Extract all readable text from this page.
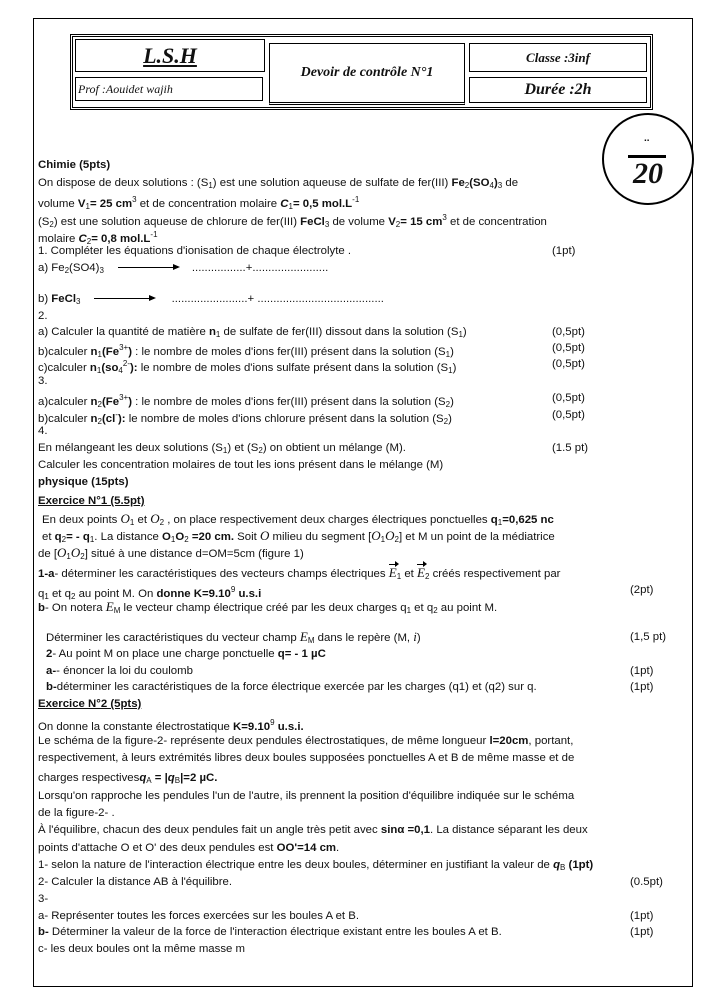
L.S.H
Prof :Aouidet wajih
Devoir de contrôle N°1
Classe :3inf
Durée :2h
..
20
Chimie (5pts)
On dispose de deux solutions : $(S_1)$ est une solution aqueuse de sulfate de fer(III) $Fe_2(SO_4)_3$ de
volume $V_1= 25$ $cm^3$ et de concentration molaire $C_1= 0,5$ $mol.L^{-1}$
$(S_2)$ est une solution aqueuse de chlorure de fer(III) FeCl$_3$ de volume $V_2= 15$ $cm^3$ et de concentration
molaire $C_2= 0,8$ $mol.L^{-1}$
1. Compléter les équations d'ionisation de chaque électrolyte .	(1pt)
a) $Fe_2(SO4)_3$	.................+........................
b) FeCl$_3$	........................+ ........................................
2.
a) Calculer la quantité de matière $n_1$ de sulfate de fer(III) dissout dans la solution $(S_1)$	(0,5pt)
b)calculer $n_1(Fe^{3+})$ : le nombre de moles d'ions fer(III) présent dans la solution $(S_1)$	(0,5pt)
c)calculer $n_1(so_4^{2-})$: le nombre de moles d'ions sulfate présent dans la solution $(S_1)$	(0,5pt)
3.
a)calculer $n_2(Fe^{3+})$ : le nombre de moles d'ions fer(III) présent dans la solution $(S_2)$	(0,5pt)
b)calculer $n_2(cl^-)$: le nombre de moles d'ions chlorure présent dans la solution $(S_2)$	(0,5pt)
4.
En mélangeant les deux solutions $(S_1)$ et $(S_2)$ on obtient un mélange (M).	(1.5 pt)
Calculer les concentration molaires de tout les ions présent dans le mélange (M)
physique (15pts)
Exercice N°1 (5.5pt)
En deux points $O_1$ et $O_2$ , on place respectivement deux charges électriques ponctuelles $q_1=0,625$ nc
et $q_2= - q_1$. La distance $O_1O_2 =20$ cm. Soit O milieu du segment $[O_1O_2]$ et M un point de la médiatrice
de $[O_1O_2]$ situé à une distance d=OM=5cm (figure 1)
1-a- déterminer les caractéristiques des vecteurs champs électriques $E_1$ et $E_2$ créés respectivement par
$q_1$ et $q_2$ au point M. On donne $K=9.10^9$ u.s.i	(2pt)
b- On notera $E_M$ le vecteur champ électrique créé par les deux charges $q_1$ et $q_2$ au point M.
Déterminer les caractéristiques du vecteur champ $E_M$ dans le repère (M, i)	(1,5 pt)
2- Au point M on place une charge ponctuelle q= - 1 µC
a-- énoncer la loi du coulomb	(1pt)
b-déterminer les caractéristiques de la force électrique exercée par les charges (q1) et (q2) sur q.	(1pt)
Exercice N°2 (5pts)
On donne la constante électrostatique $K=9.10^9$ u.s.i.
Le schéma de la figure-2- représente deux pendules électrostatiques, de même longueur l=20cm, portant,
respectivement, à leurs extrémités libres deux boules supposées ponctuelles A et B de même masse et de
charges respectivesq$_A$ = $|q_B|=2$ µC.
Lorsqu'on rapproche les pendules l'un de l'autre, ils prennent la position d'équilibre indiquée sur le schéma
de la figure-2- .
À l'équilibre, chacun des deux pendules fait un angle très petit avec sinα =0,1. La distance séparant les deux
points d'attache O et O' des deux pendules est OO'=14 cm.
1- selon la nature de l'interaction électrique entre les deux boules, déterminer en justifiant la valeur de $q_B$ (1pt)
2- Calculer la distance AB à l'équilibre.	(0.5pt)
3-
a- Représenter toutes les forces exercées sur les boules A et B.	(1pt)
b- Déterminer la valeur de la force de l'interaction électrique existant entre les boules A et B.	(1pt)
c- les deux boules ont la même masse m
